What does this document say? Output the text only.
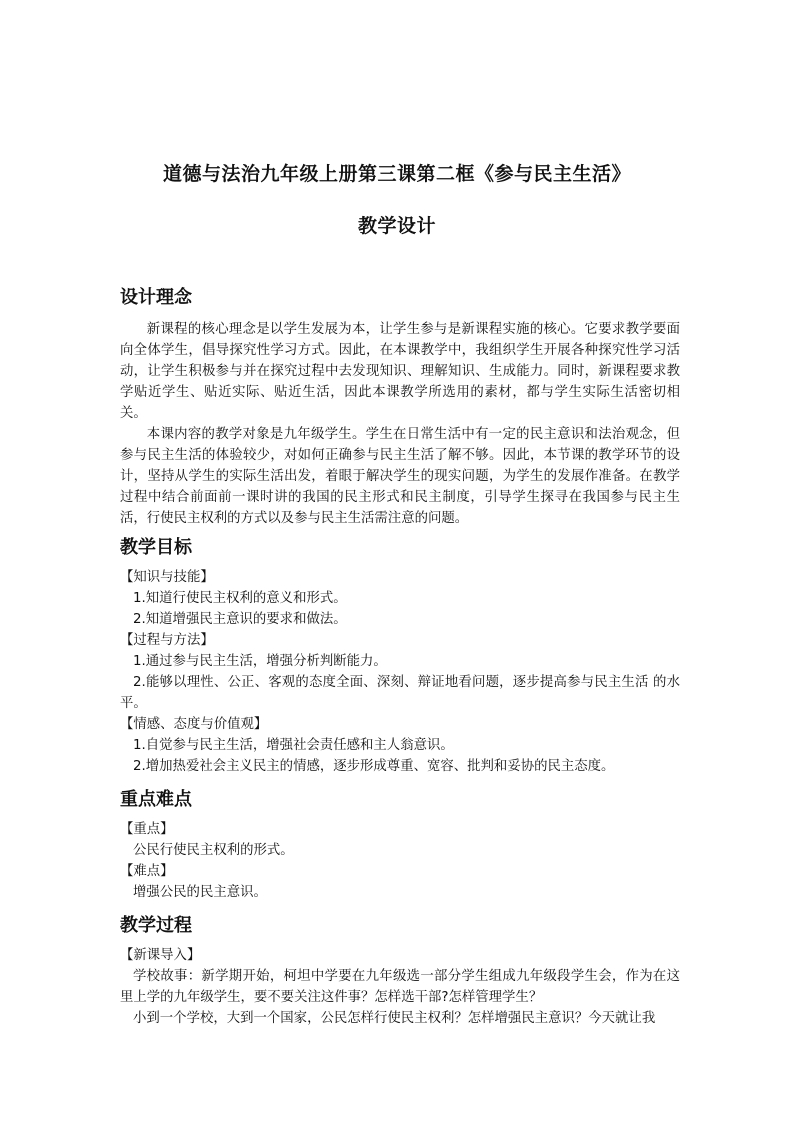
道德与法治九年级上册第三课第二框《参与民主生活》

教学设计

设计理念

新课程的核心理念是以学生发展为本，让学生参与是新课程实施的核心。它要求教学要面向全体学生，倡导探究性学习方式。因此，在本课教学中，我组织学生开展各种探究性学习活动，让学生积极参与并在探究过程中去发现知识、理解知识、生成能力。同时，新课程要求教学贴近学生、贴近实际、贴近生活，因此本课教学所选用的素材，都与学生实际生活密切相关。

本课内容的教学对象是九年级学生。学生在日常生活中有一定的民主意识和法治观念，但参与民主生活的体验较少，对如何正确参与民主生活了解不够。因此，本节课的教学环节的设计，坚持从学生的实际生活出发，着眼于解决学生的现实问题，为学生的发展作准备。在教学过程中结合前面前一课时讲的我国的民主形式和民主制度，引导学生探寻在我国参与民主生活，行使民主权利的方式以及参与民主生活需注意的问题。

教学目标

【知识与技能】

1.知道行使民主权利的意义和形式。

2.知道增强民主意识的要求和做法。

【过程与方法】

1.通过参与民主生活，增强分析判断能力。

2.能够以理性、公正、客观的态度全面、深刻、辩证地看问题，逐步提高参与民主生活 的水平。

【情感、态度与价值观】

1.自觉参与民主生活，增强社会责任感和主人翁意识。

2.增加热爱社会主义民主的情感，逐步形成尊重、宽容、批判和妥协的民主态度。

重点难点

【重点】

公民行使民主权利的形式。

【难点】

增强公民的民主意识。

教学过程

【新课导入】

学校故事：新学期开始，柯坦中学要在九年级选一部分学生组成九年级段学生会，作为在这里上学的九年级学生，要不要关注这件事？怎样选干部?怎样管理学生？

小到一个学校，大到一个国家，公民怎样行使民主权利？怎样增强民主意识？今天就让我
